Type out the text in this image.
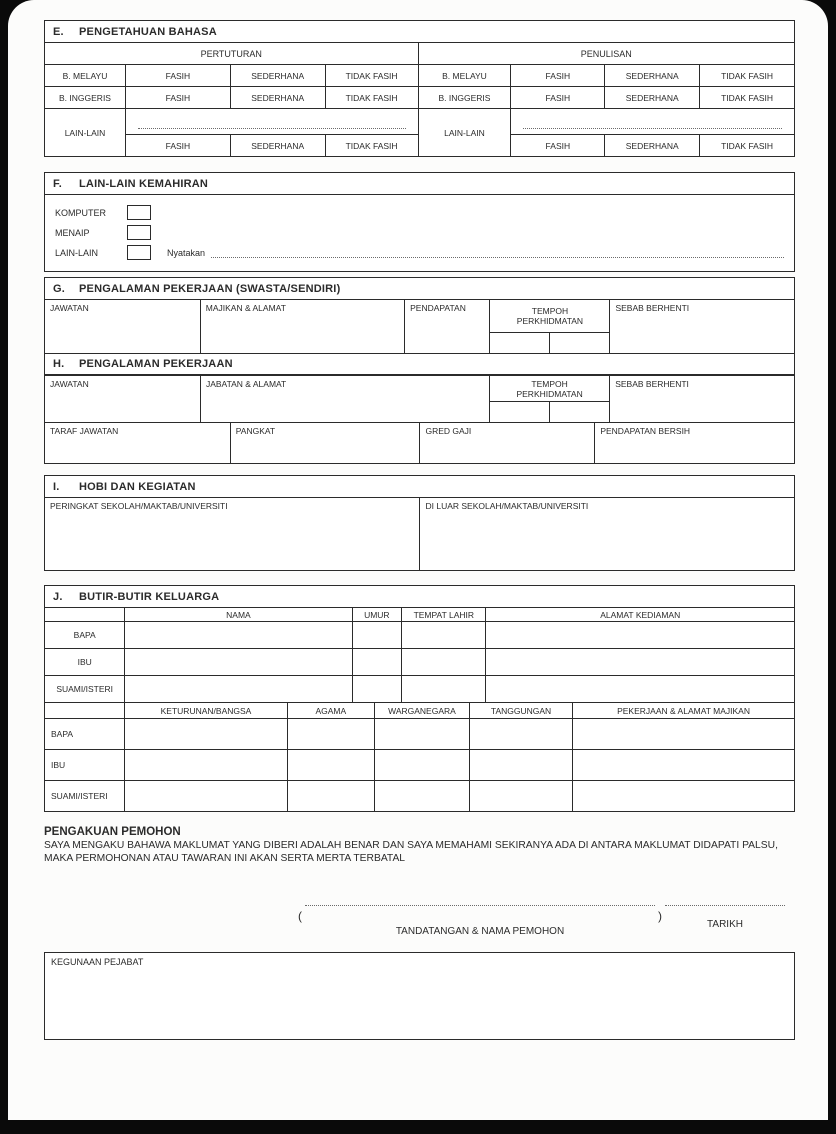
E.	PENGETAHUAN BAHASA
PERTUTURAN	PENULISAN
B. MELAYU	FASIH	SEDERHANA	TIDAK FASIH	B. MELAYU	FASIH	SEDERHANA	TIDAK FASIH
B. INGGERIS	FASIH	SEDERHANA	TIDAK FASIH	B. INGGERIS	FASIH	SEDERHANA	TIDAK FASIH
LAIN-LAIN	LAIN-LAIN
FASIH	SEDERHANA	TIDAK FASIH	FASIH	SEDERHANA	TIDAK FASIH
F.	LAIN-LAIN KEMAHIRAN
KOMPUTER
MENAIP
LAIN-LAIN	Nyatakan
G.	PENGALAMAN PEKERJAAN (SWASTA/SENDIRI)
JAWATAN	MAJIKAN & ALAMAT	PENDAPATAN	TEMPOH PERKHIDMATAN
SEBAB BERHENTI
H.	PENGALAMAN PEKERJAAN
JAWATAN	JABATAN & ALAMAT	TEMPOH PERKHIDMATAN
SEBAB BERHENTI
TARAF JAWATAN	PANGKAT	GRED GAJI	PENDAPATAN BERSIH
I.	HOBI DAN KEGIATAN
PERINGKAT SEKOLAH/MAKTAB/UNIVERSITI	DI LUAR SEKOLAH/MAKTAB/UNIVERSITI
J.	BUTIR-BUTIR KELUARGA
NAMA	UMUR	TEMPAT LAHIR	ALAMAT KEDIAMAN
BAPA
IBU
SUAMI/ISTERI
KETURUNAN/BANGSA	AGAMA	WARGANEGARA	TANGGUNGAN	PEKERJAAN & ALAMAT MAJIKAN
BAPA
IBU
SUAMI/ISTERI
PENGAKUAN PEMOHON
SAYA MENGAKU BAHAWA MAKLUMAT YANG DIBERI ADALAH BENAR DAN SAYA MEMAHAMI SEKIRANYA ADA DI ANTARA MAKLUMAT DIDAPATI PALSU, MAKA PERMOHONAN ATAU TAWARAN INI AKAN SERTA MERTA TERBATAL
(	)
TANDATANGAN & NAMA PEMOHON
TARIKH
KEGUNAAN PEJABAT
